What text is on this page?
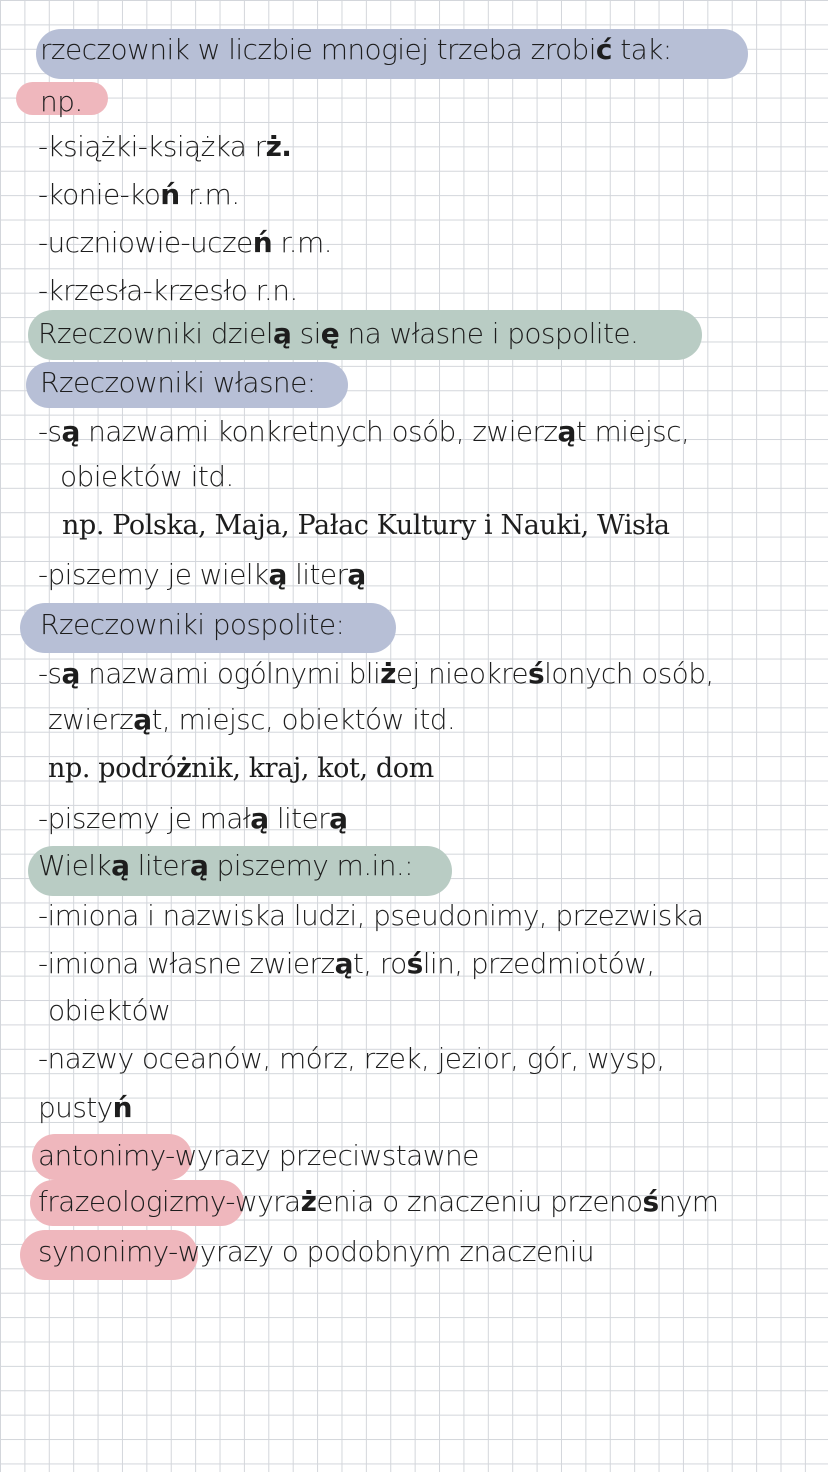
rzeczownik w liczbie mnogiej trzeba zrobić tak:
np.
-książki-książka rż.
-konie-koń r.m.
-uczniowie-uczeń r.m.
-krzesła-krzesło r.n.
Rzeczowniki dzielą się na własne i pospolite.
Rzeczowniki własne:
-są nazwami konkretnych osób, zwierząt miejsc,
obiektów itd.
np. Polska, Maja, Pałac Kultury i Nauki, Wisła
-piszemy je wielką literą
Rzeczowniki pospolite:
-są nazwami ogólnymi bliżej nieokreślonych osób,
zwierząt, miejsc, obiektów itd.
np. podróżnik, kraj, kot, dom
-piszemy je małą literą
Wielką literą piszemy m.in.:
-imiona i nazwiska ludzi, pseudonimy, przezwiska
-imiona własne zwierząt, roślin, przedmiotów,
obiektów
-nazwy oceanów, mórz, rzek, jezior, gór, wysp,
pustyń
antonimy-wyrazy przeciwstawne
frazeologizmy-wyrażenia o znaczeniu przenośnym
synonimy-wyrazy o podobnym znaczeniu
